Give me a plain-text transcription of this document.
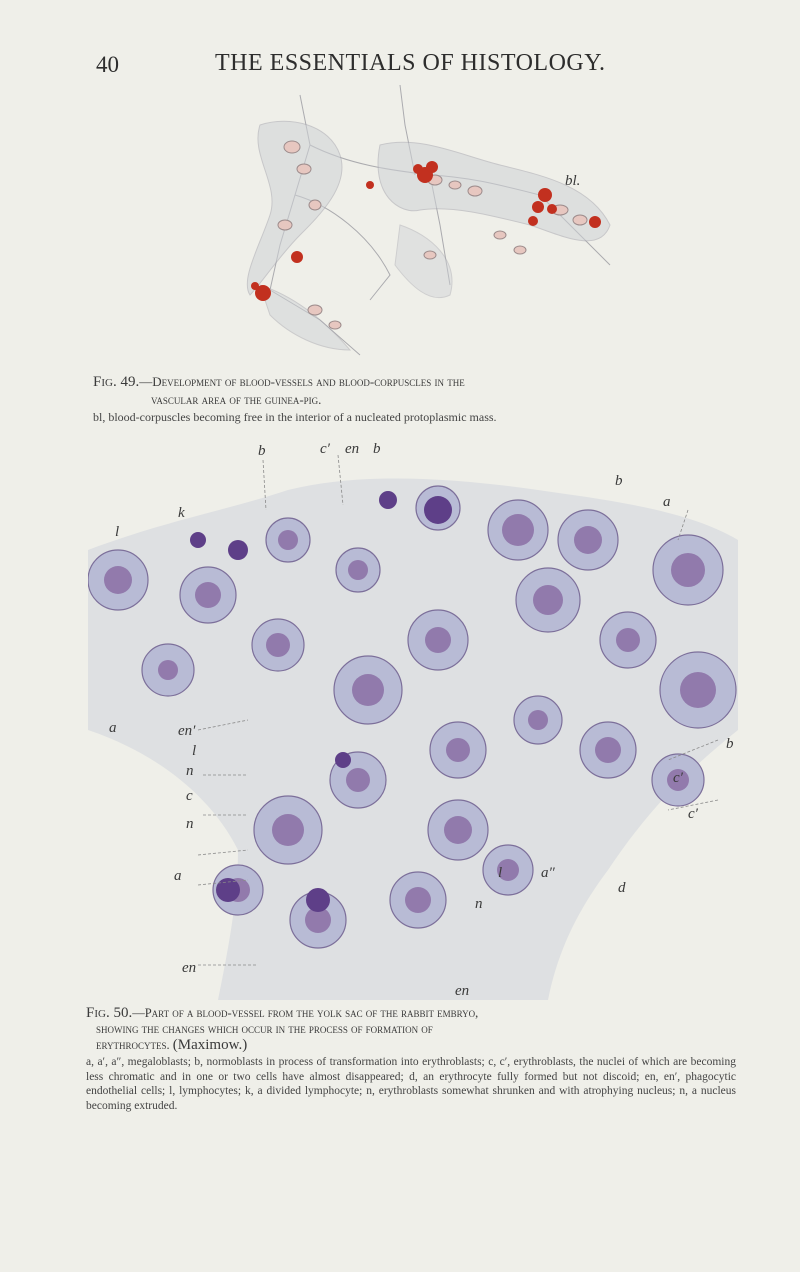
40	THE ESSENTIALS OF HISTOLOGY.
bl.

Fig. 49.—Development of blood-vessels and blood-corpuscles in the
vascular area of the guinea-pig.

bl, blood-corpuscles becoming free in the interior of a nucleated protoplasmic mass.

b	c′ en b
b
k
l
a
a	en′
l
n
c
n
a
en
b
c′
c′
l	a″
d
n
en

Fig. 50.—Part of a blood-vessel from the yolk sac of the rabbit embryo,
showing the changes which occur in the process of formation of
erythrocytes. (Maximow.)

a, a′, a″, megaloblasts; b, normoblasts in process of transformation into erythroblasts; c, c′, erythroblasts, the nuclei of which are becoming less chromatic and in one or two cells have almost disappeared; d, an erythrocyte fully formed but not discoid; en, en′, phagocytic endothelial cells; l, lymphocytes; k, a divided lymphocyte; n, erythroblasts somewhat shrunken and with atrophying nucleus; n, a nucleus becoming extruded.
